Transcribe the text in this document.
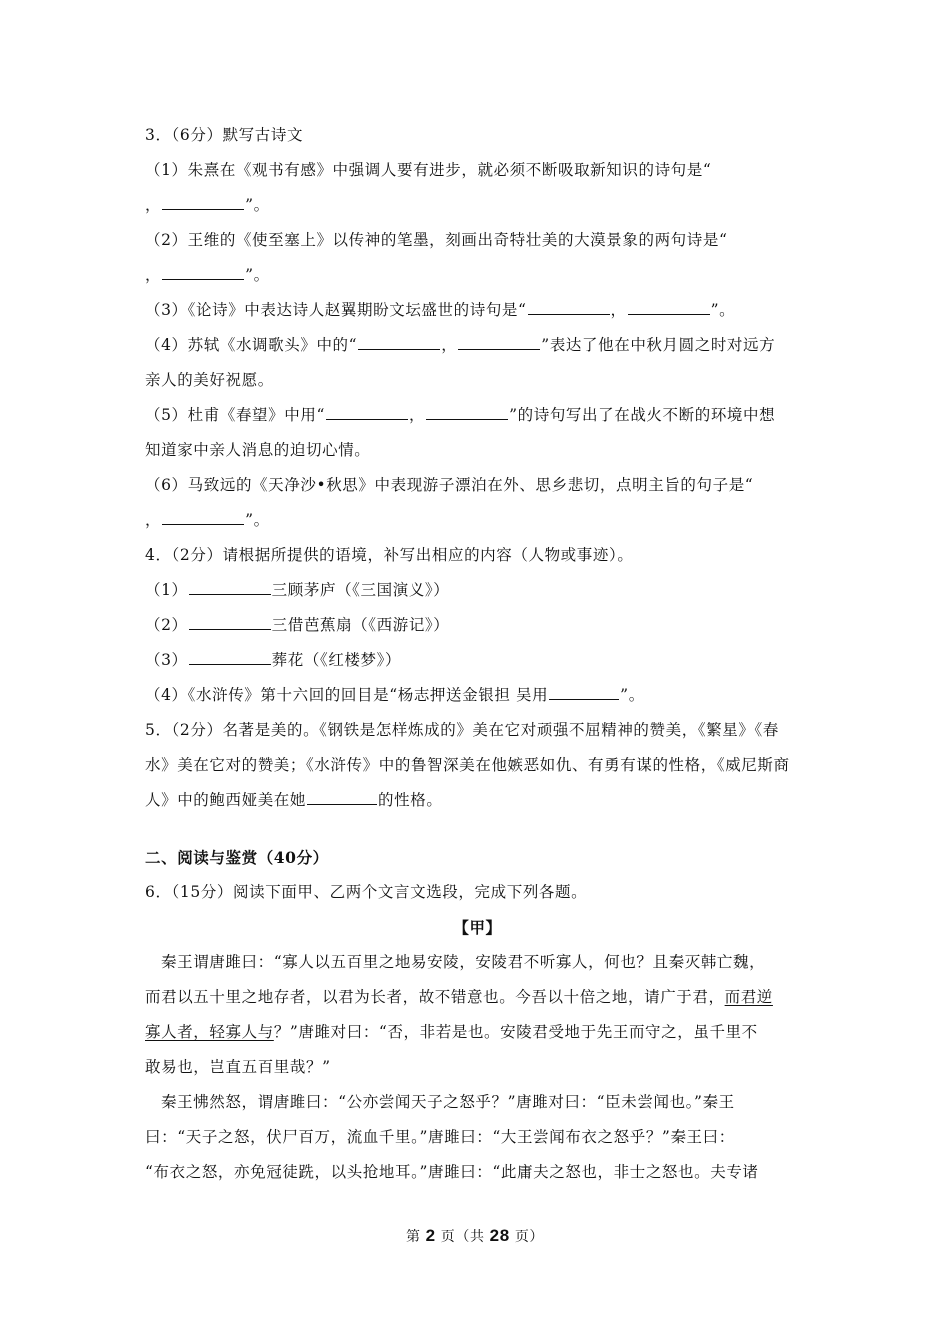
3．（6分）默写古诗文
（1）朱熹在《观书有感》中强调人要有进步，就必须不断吸取新知识的诗句是“
，	”。
（2）王维的《使至塞上》以传神的笔墨，刻画出奇特壮美的大漠景象的两句诗是“
，	”。
（3）《论诗》中表达诗人赵翼期盼文坛盛世的诗句是“	，	”。
（4）苏轼《水调歌头》中的“	，	”表达了他在中秋月圆之时对远方
亲人的美好祝愿。
（5）杜甫《春望》中用“	，	”的诗句写出了在战火不断的环境中想
知道家中亲人消息的迫切心情。
（6）马致远的《天净沙•秋思》中表现游子漂泊在外、思乡悲切，点明主旨的句子是“
，	”。
4．（2分）请根据所提供的语境，补写出相应的内容（人物或事迹）。
（1）	三顾茅庐（《三国演义》）
（2）	三借芭蕉扇（《西游记》）
（3）	葬花（《红楼梦》）
（4）《水浒传》第十六回的回目是“杨志押送金银担 吴用	”。
5．（2分）名著是美的。《钢铁是怎样炼成的》美在它对顽强不屈精神的赞美，《繁星》《春
水》美在它对的赞美；《水浒传》中的鲁智深美在他嫉恶如仇、有勇有谋的性格，《威尼斯商
人》中的鲍西娅美在她	的性格。
二、阅读与鉴赏（40分）
6．（15分）阅读下面甲、乙两个文言文选段，完成下列各题。
【甲】
秦王谓唐雎曰：“寡人以五百里之地易安陵，安陵君不听寡人，何也？且秦灭韩亡魏，
而君以五十里之地存者，以君为长者，故不错意也。今吾以十倍之地，请广于君，而君逆
寡人者，轻寡人与？”唐雎对曰：“否，非若是也。安陵君受地于先王而守之，虽千里不
敢易也，岂直五百里哉？”
秦王怫然怒，谓唐雎曰：“公亦尝闻天子之怒乎？”唐雎对曰：“臣未尝闻也。”秦王
曰：“天子之怒，伏尸百万，流血千里。”唐雎曰：“大王尝闻布衣之怒乎？”秦王曰：
“布衣之怒，亦免冠徒跣，以头抢地耳。”唐雎曰：“此庸夫之怒也，非士之怒也。夫专诸
第 2 页（共 28 页）
